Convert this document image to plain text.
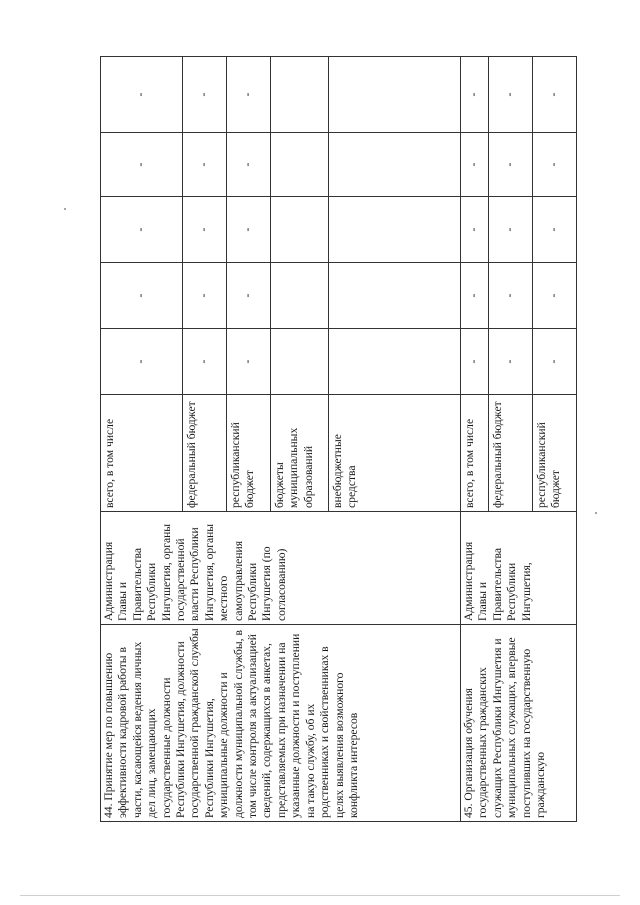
44. Принятие мер по повышению эффективности кадровой работы в части, касающейся ведения личных дел лиц, замещающих государственные должности Республики Ингушетия, должности государственной гражданской службы Республики Ингушетия, муниципальные должности и должности муниципальной службы, в том числе контроля за актуализацией сведений, содержащихся в анкетах, представляемых при назначении на указанные должности и поступлении на такую службу, об их родственниках и свойственниках в целях выявления возможного конфликта интересов	Администрация Главы и Правительства Республики Ингушетия, органы государственной власти Республики Ингушетия, органы местного самоуправления Республики Ингушетия (по согласованию)	всего, в том числе	-	-	-	-	-
		федеральный бюджет	-	-	-	-	-
		республиканский бюджет	-	-	-	-	-
		бюджеты муниципальных образований					
		внебюджетные средства					
45. Организация обучения государственных гражданских служащих Республики Ингушетия и муниципальных служащих, впервые поступивших на государственную гражданскую	Администрация Главы и Правительства Республики Ингушетия,	всего, в том числе	-	-	-	-	-
		федеральный бюджет	-	-	-	-	-
		республиканский бюджет	-	-	-	-	-
